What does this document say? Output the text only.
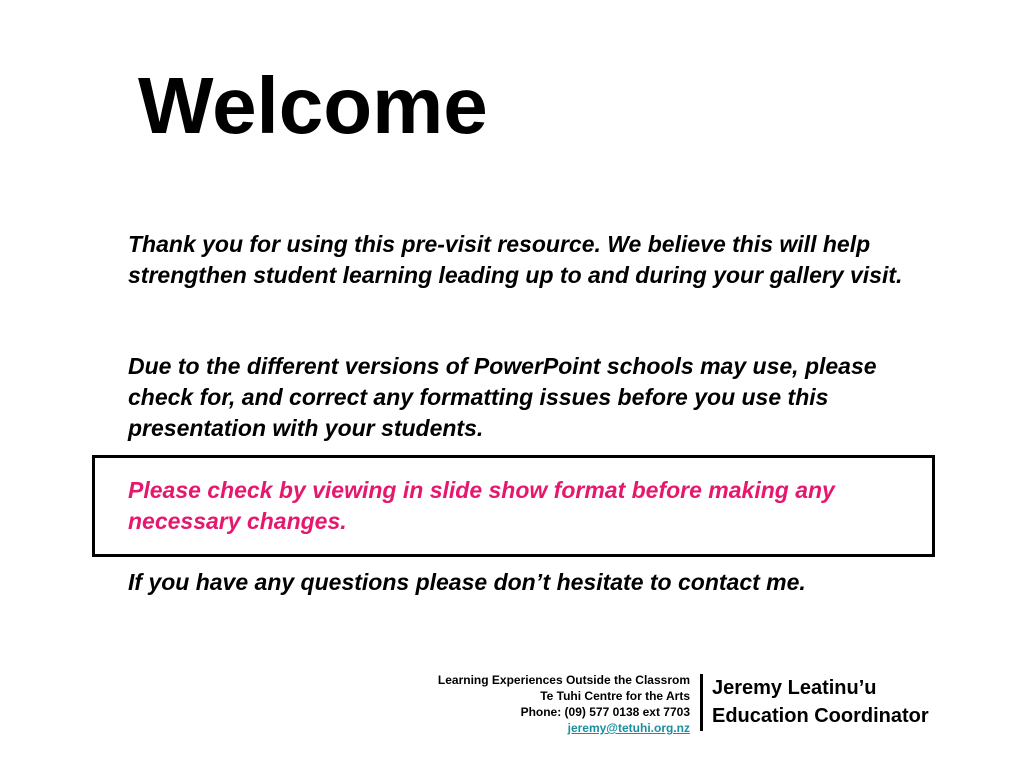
Welcome

Thank you for using this pre-visit resource. We believe this will help strengthen student learning leading up to and during your gallery visit.

Due to the different versions of PowerPoint schools may use, please check for, and correct any formatting issues before you use this presentation with your students.

Please check by viewing in slide show format before making any necessary changes.

If you have any questions please don’t hesitate to contact me.

Learning Experiences Outside the Classrom
Te Tuhi Centre for the Arts
Phone: (09) 577 0138 ext 7703
jeremy@tetuhi.org.nz
Jeremy Leatinu’u
Education Coordinator
